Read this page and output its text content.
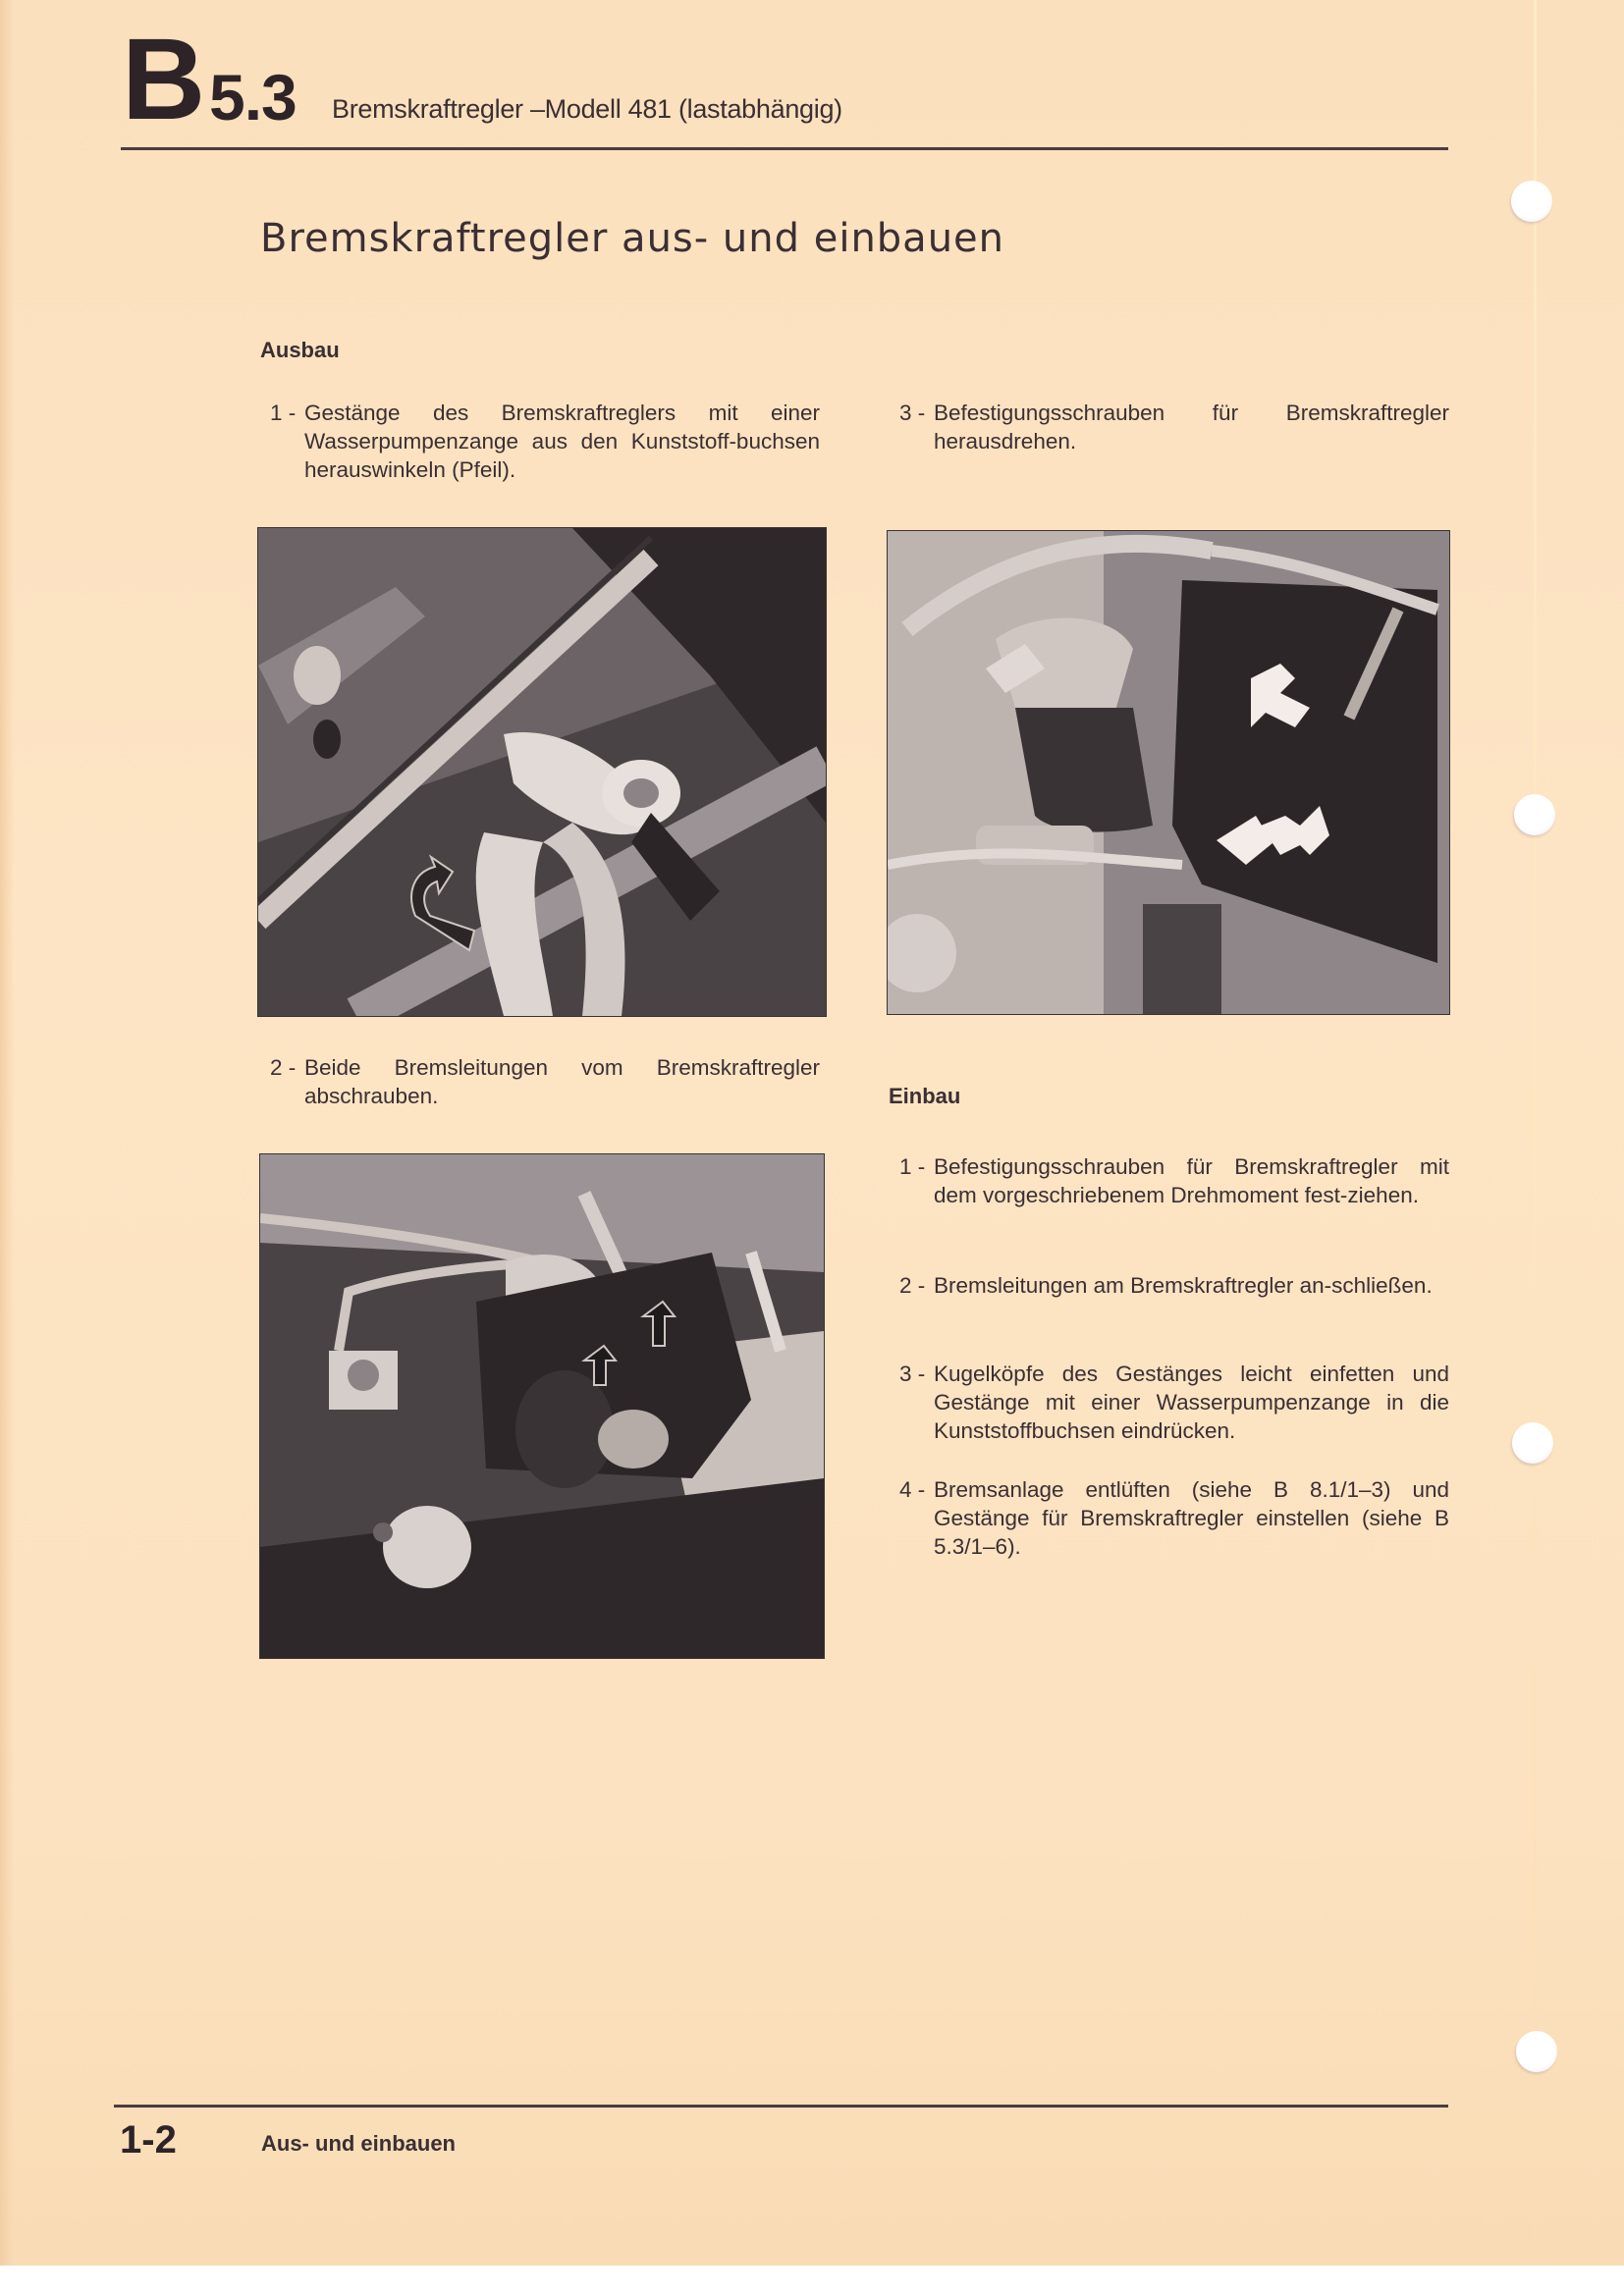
B 5.3 Bremskraftregler –Modell 481 (lastabhängig)
Bremskraftregler aus- und einbauen
Ausbau
1 - Gestänge des Bremskraftreglers mit einer Wasserpumpenzange aus den Kunststoff-buchsen herauswinkeln (Pfeil).
3 - Befestigungsschrauben für Bremskraftregler herausdrehen.
2 - Beide Bremsleitungen vom Bremskraftregler abschrauben.	Einbau
1 - Befestigungsschrauben für Bremskraftregler mit dem vorgeschriebenem Drehmoment fest-ziehen.
2 - Bremsleitungen am Bremskraftregler an-schließen.
3 - Kugelköpfe des Gestänges leicht einfetten und Gestänge mit einer Wasserpumpenzange in die Kunststoffbuchsen eindrücken.
4 - Bremsanlage entlüften (siehe B 8.1/1–3) und Gestänge für Bremskraftregler einstellen (siehe B 5.3/1–6).
1-2	Aus- und einbauen
